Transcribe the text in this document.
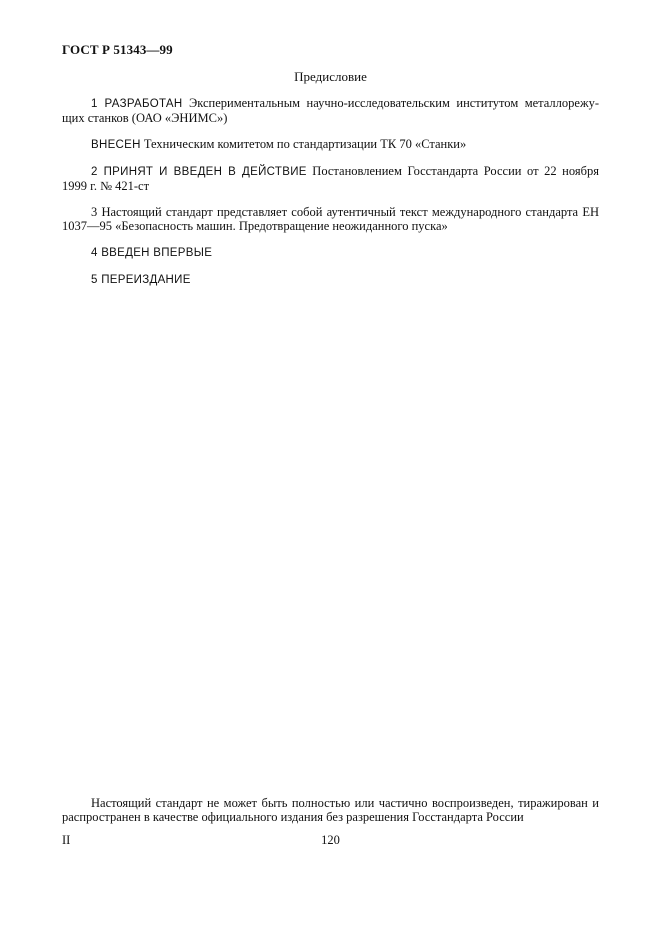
ГОСТ Р 51343—99
Предисловие

1 РАЗРАБОТАН Экспериментальным научно-исследовательским институтом металлорежу-щих станков (ОАО «ЭНИМС»)

ВНЕСЕН Техническим комитетом по стандартизации ТК 70 «Станки»

2 ПРИНЯТ И ВВЕДЕН В ДЕЙСТВИЕ Постановлением Госстандарта России от 22 ноября 1999 г. № 421-ст

3 Настоящий стандарт представляет собой аутентичный текст международного стандарта ЕН 1037—95 «Безопасность машин. Предотвращение неожиданного пуска»

4 ВВЕДЕН ВПЕРВЫЕ

5 ПЕРЕИЗДАНИЕ

Настоящий стандарт не может быть полностью или частично воспроизведен, тиражирован и распространен в качестве официального издания без разрешения Госстандарта России

II	120
